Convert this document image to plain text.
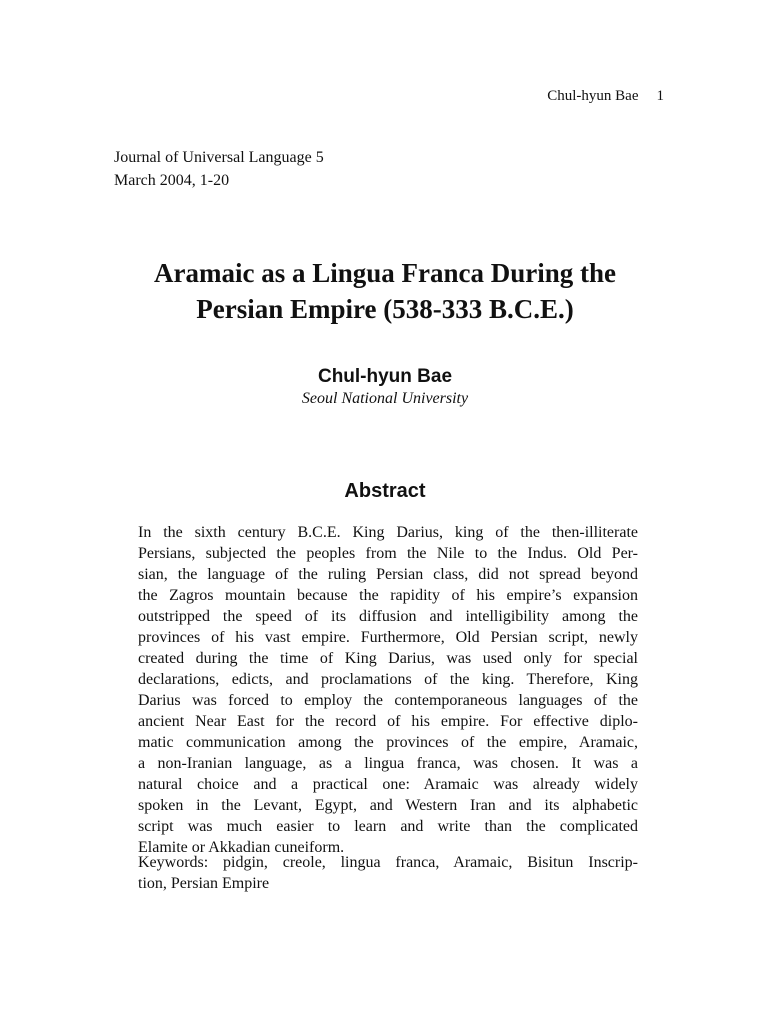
Chul-hyun Bae 1
Journal of Universal Language 5
March 2004, 1-20
Aramaic as a Lingua Franca During the
Persian Empire (538-333 B.C.E.)
Chul-hyun Bae
Seoul National University
Abstract
In the sixth century B.C.E. King Darius, king of the then-illiterate
Persians, subjected the peoples from the Nile to the Indus. Old Per-
sian, the language of the ruling Persian class, did not spread beyond
the Zagros mountain because the rapidity of his empire’s expansion
outstripped the speed of its diffusion and intelligibility among the
provinces of his vast empire. Furthermore, Old Persian script, newly
created during the time of King Darius, was used only for special
declarations, edicts, and proclamations of the king. Therefore, King
Darius was forced to employ the contemporaneous languages of the
ancient Near East for the record of his empire. For effective diplo-
matic communication among the provinces of the empire, Aramaic,
a non-Iranian language, as a lingua franca, was chosen. It was a
natural choice and a practical one: Aramaic was already widely
spoken in the Levant, Egypt, and Western Iran and its alphabetic
script was much easier to learn and write than the complicated
Elamite or Akkadian cuneiform.
Keywords: pidgin, creole, lingua franca, Aramaic, Bisitun Inscrip-
tion, Persian Empire
